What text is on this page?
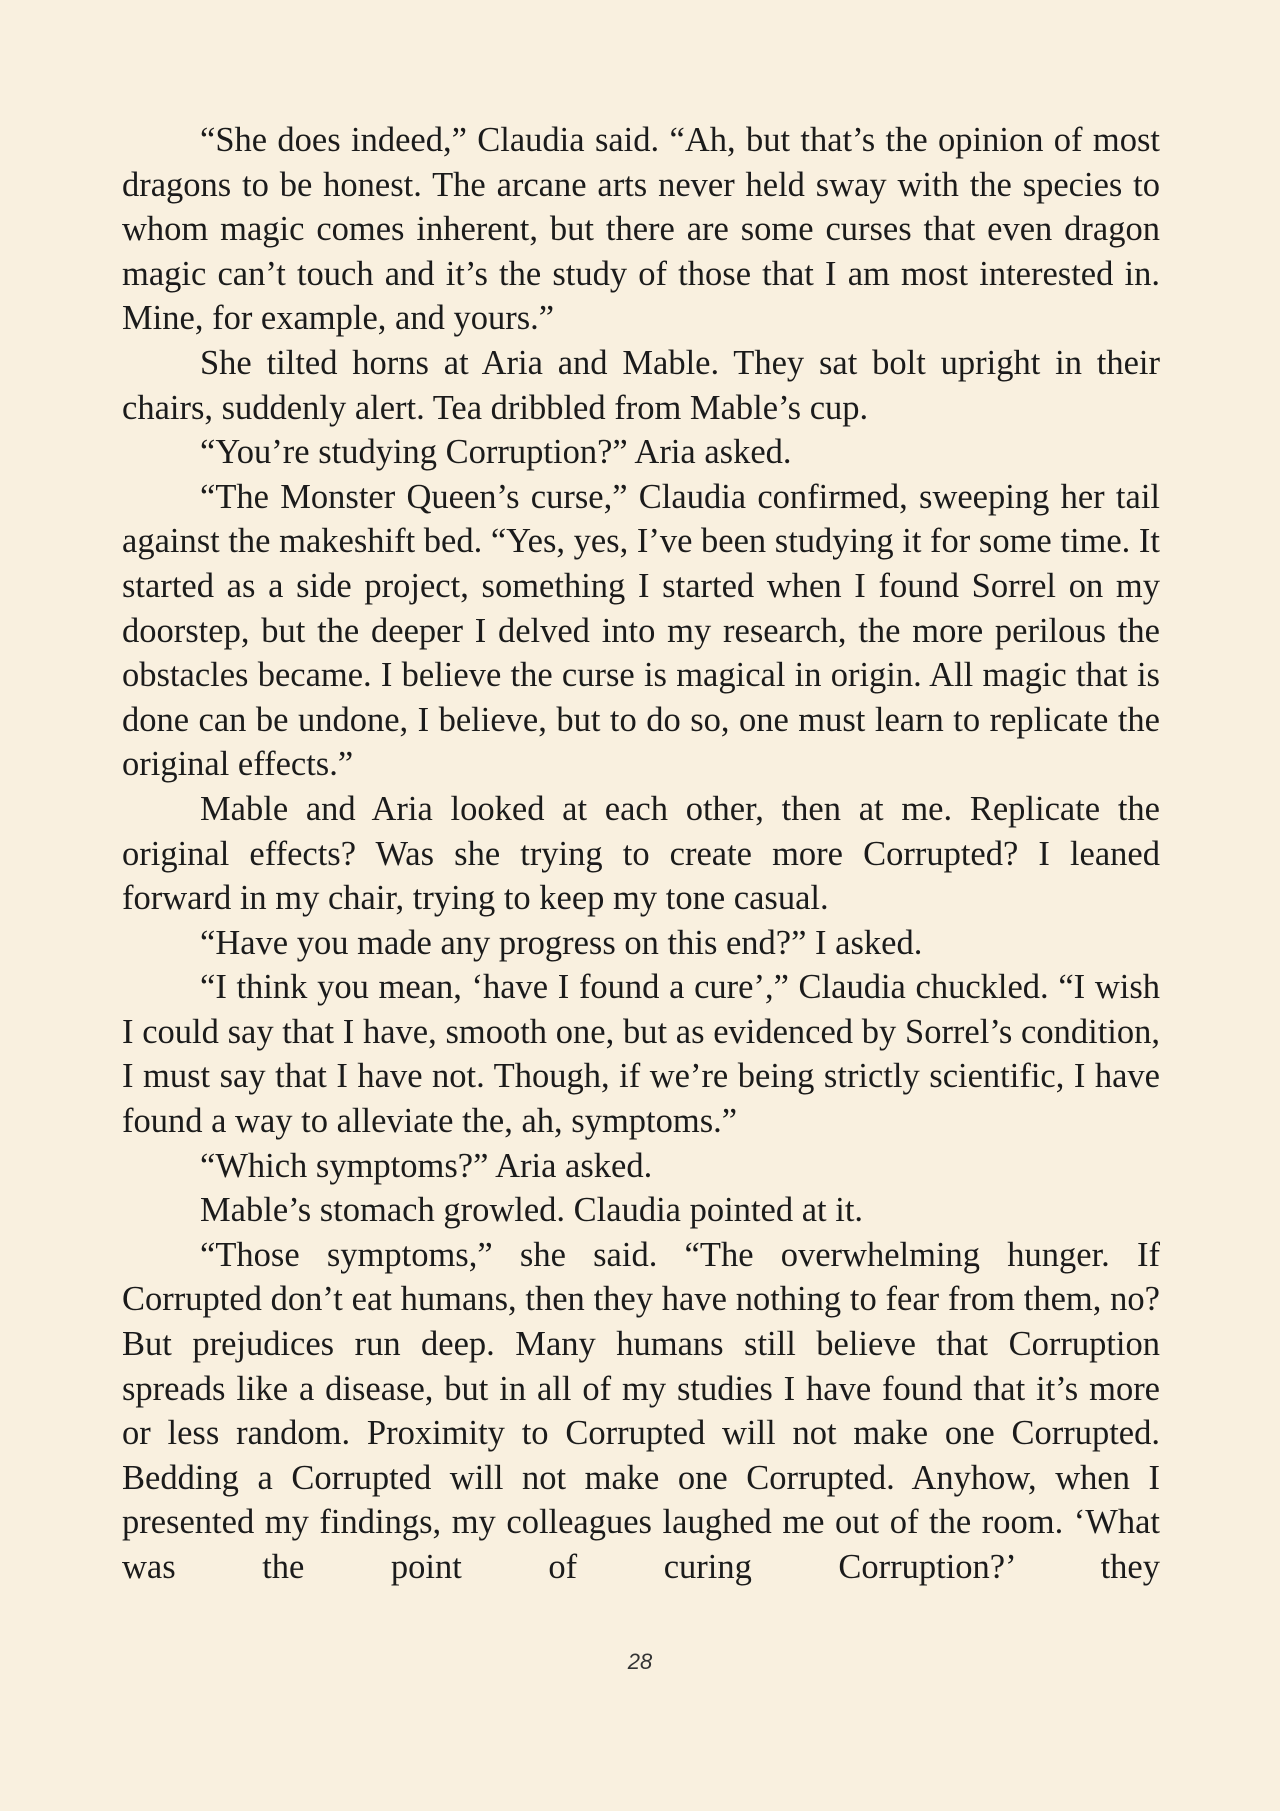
“She does indeed,” Claudia said. “Ah, but that’s the opinion of most dragons to be honest. The arcane arts never held sway with the species to whom magic comes inherent, but there are some curses that even dragon magic can’t touch and it’s the study of those that I am most interested in. Mine, for example, and yours.”

She tilted horns at Aria and Mable. They sat bolt upright in their chairs, suddenly alert. Tea dribbled from Mable’s cup.

“You’re studying Corruption?” Aria asked.

“The Monster Queen’s curse,” Claudia confirmed, sweeping her tail against the makeshift bed. “Yes, yes, I’ve been studying it for some time. It started as a side project, something I started when I found Sorrel on my doorstep, but the deeper I delved into my research, the more perilous the obstacles became. I believe the curse is magical in origin. All magic that is done can be undone, I believe, but to do so, one must learn to replicate the original effects.”

Mable and Aria looked at each other, then at me. Replicate the original effects? Was she trying to create more Corrupted? I leaned forward in my chair, trying to keep my tone casual.

“Have you made any progress on this end?” I asked.

“I think you mean, ‘have I found a cure’,” Claudia chuckled. “I wish I could say that I have, smooth one, but as evidenced by Sorrel’s condition, I must say that I have not. Though, if we’re being strictly scientific, I have found a way to alleviate the, ah, symptoms.”

“Which symptoms?” Aria asked.

Mable’s stomach growled. Claudia pointed at it.

“Those symptoms,” she said. “The overwhelming hunger. If Corrupted don’t eat humans, then they have nothing to fear from them, no? But prejudices run deep. Many humans still believe that Corruption spreads like a disease, but in all of my studies I have found that it’s more or less random. Proximity to Corrupted will not make one Corrupted. Bedding a Corrupted will not make one Corrupted. Anyhow, when I presented my findings, my colleagues laughed me out of the room. ‘What was the point of curing Corruption?’ they

28
